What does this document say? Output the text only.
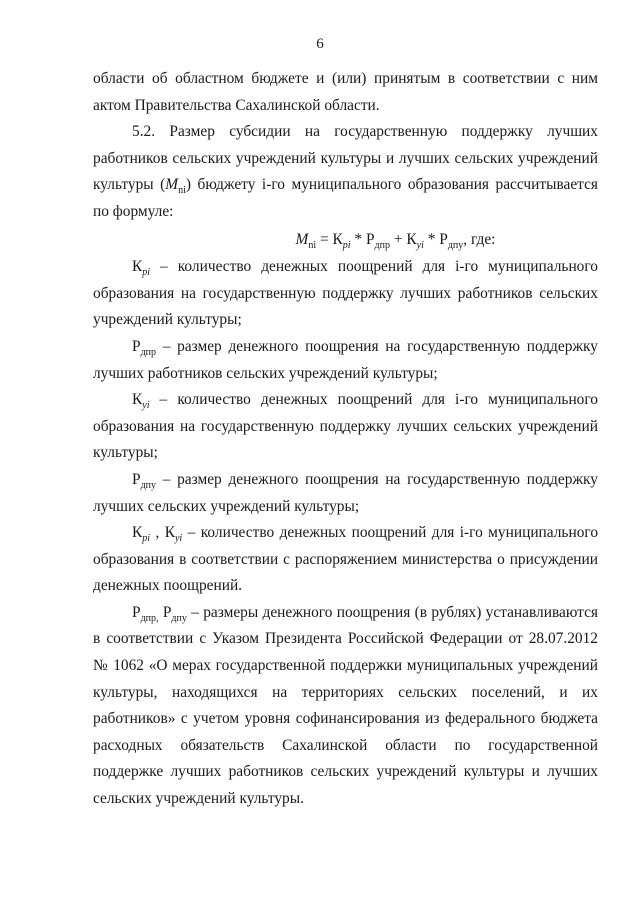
6

области об областном бюджете и (или) принятым в соответствии с ним актом Правительства Сахалинской области.

5.2. Размер субсидии на государственную поддержку лучших работников сельских учреждений культуры и лучших сельских учреждений культуры $(M_{ni})$ бюджету i-го муниципального образования рассчитывается по формуле:

$M_{ni} = К_{pi} * Р_{дпр} + К_{yi} * Р_{дпу}$, где:

$К_{pi}$ – количество денежных поощрений для i-го муниципального образования на государственную поддержку лучших работников сельских учреждений культуры;

$Р_{дпр}$ – размер денежного поощрения на государственную поддержку лучших работников сельских учреждений культуры;

$К_{yi}$ – количество денежных поощрений для i-го муниципального образования на государственную поддержку лучших сельских учреждений культуры;

$Р_{дпу}$ – размер денежного поощрения на государственную поддержку лучших сельских учреждений культуры;

$К_{pi}$ , $К_{yi}$ – количество денежных поощрений для i-го муниципального образования в соответствии с распоряжением министерства о присуждении денежных поощрений.

$Р_{дпр,}$ $Р_{дпу}$ – размеры денежного поощрения (в рублях) устанавливаются в соответствии с Указом Президента Российской Федерации от 28.07.2012 № 1062 «О мерах государственной поддержки муниципальных учреждений культуры, находящихся на территориях сельских поселений, и их работников» с учетом уровня софинансирования из федерального бюджета расходных обязательств Сахалинской области по государственной поддержке лучших работников сельских учреждений культуры и лучших сельских учреждений культуры.
